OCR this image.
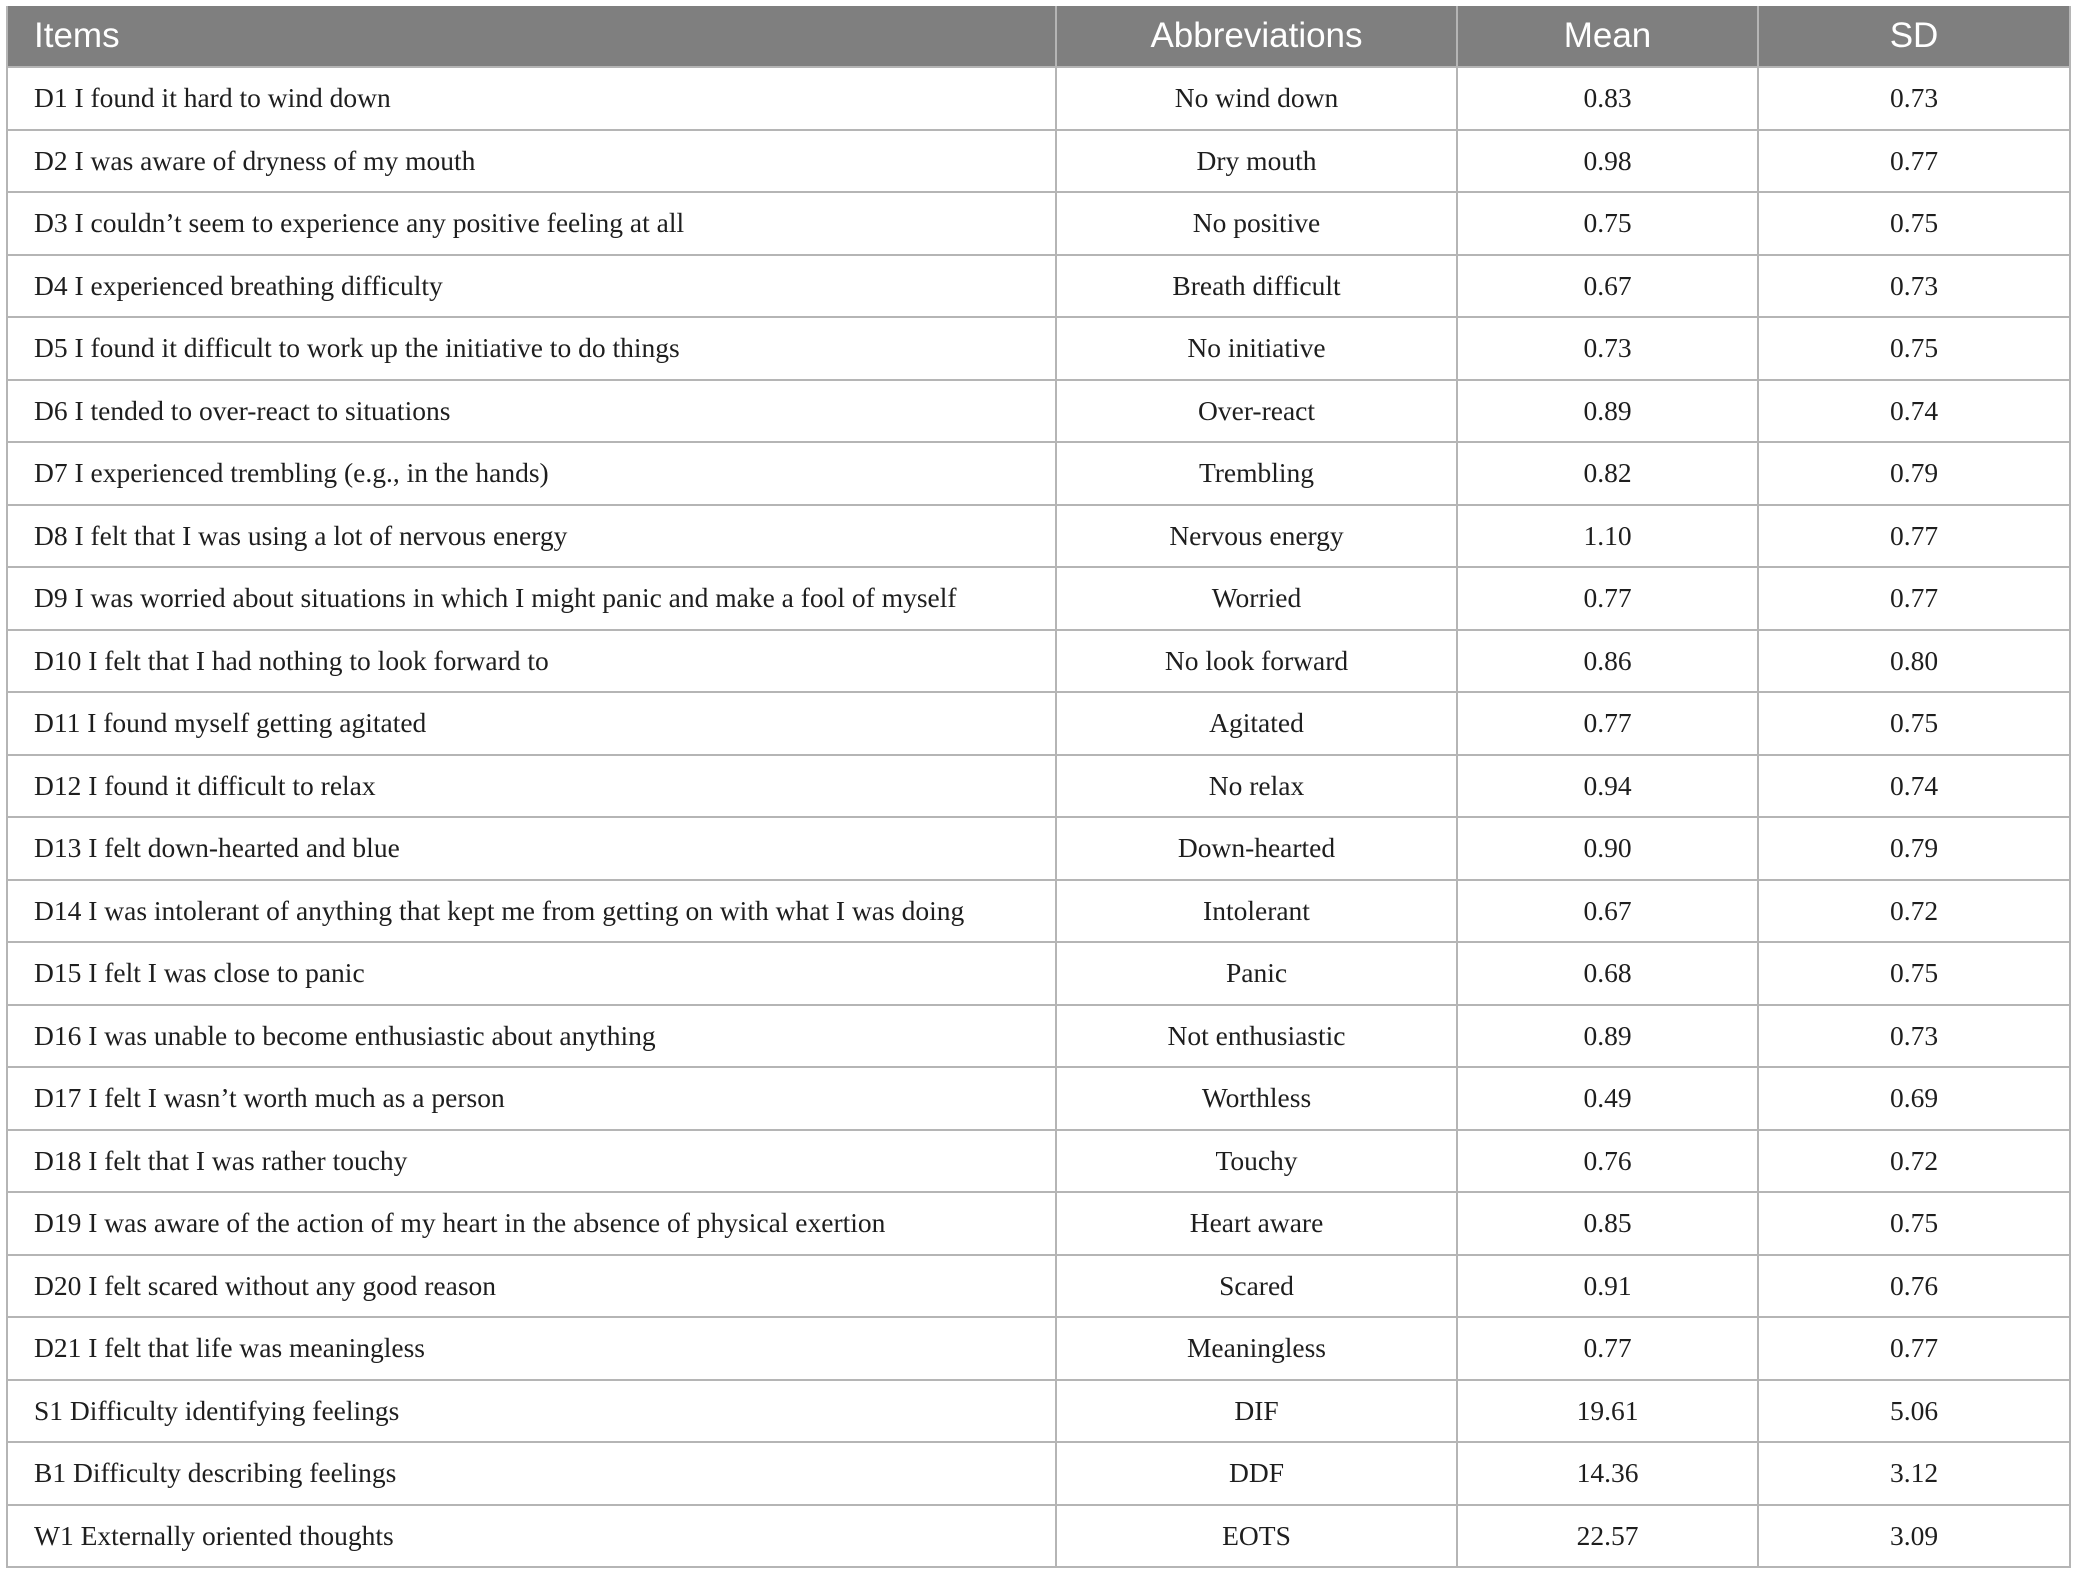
Items	Abbreviations	Mean	SD
D1 I found it hard to wind down	No wind down	0.83	0.73
D2 I was aware of dryness of my mouth	Dry mouth	0.98	0.77
D3 I couldn’t seem to experience any positive feeling at all	No positive	0.75	0.75
D4 I experienced breathing difficulty	Breath difficult	0.67	0.73
D5 I found it difficult to work up the initiative to do things	No initiative	0.73	0.75
D6 I tended to over-react to situations	Over-react	0.89	0.74
D7 I experienced trembling (e.g., in the hands)	Trembling	0.82	0.79
D8 I felt that I was using a lot of nervous energy	Nervous energy	1.10	0.77
D9 I was worried about situations in which I might panic and make a fool of myself	Worried	0.77	0.77
D10 I felt that I had nothing to look forward to	No look forward	0.86	0.80
D11 I found myself getting agitated	Agitated	0.77	0.75
D12 I found it difficult to relax	No relax	0.94	0.74
D13 I felt down-hearted and blue	Down-hearted	0.90	0.79
D14 I was intolerant of anything that kept me from getting on with what I was doing	Intolerant	0.67	0.72
D15 I felt I was close to panic	Panic	0.68	0.75
D16 I was unable to become enthusiastic about anything	Not enthusiastic	0.89	0.73
D17 I felt I wasn’t worth much as a person	Worthless	0.49	0.69
D18 I felt that I was rather touchy	Touchy	0.76	0.72
D19 I was aware of the action of my heart in the absence of physical exertion	Heart aware	0.85	0.75
D20 I felt scared without any good reason	Scared	0.91	0.76
D21 I felt that life was meaningless	Meaningless	0.77	0.77
S1 Difficulty identifying feelings	DIF	19.61	5.06
B1 Difficulty describing feelings	DDF	14.36	3.12
W1 Externally oriented thoughts	EOTS	22.57	3.09
